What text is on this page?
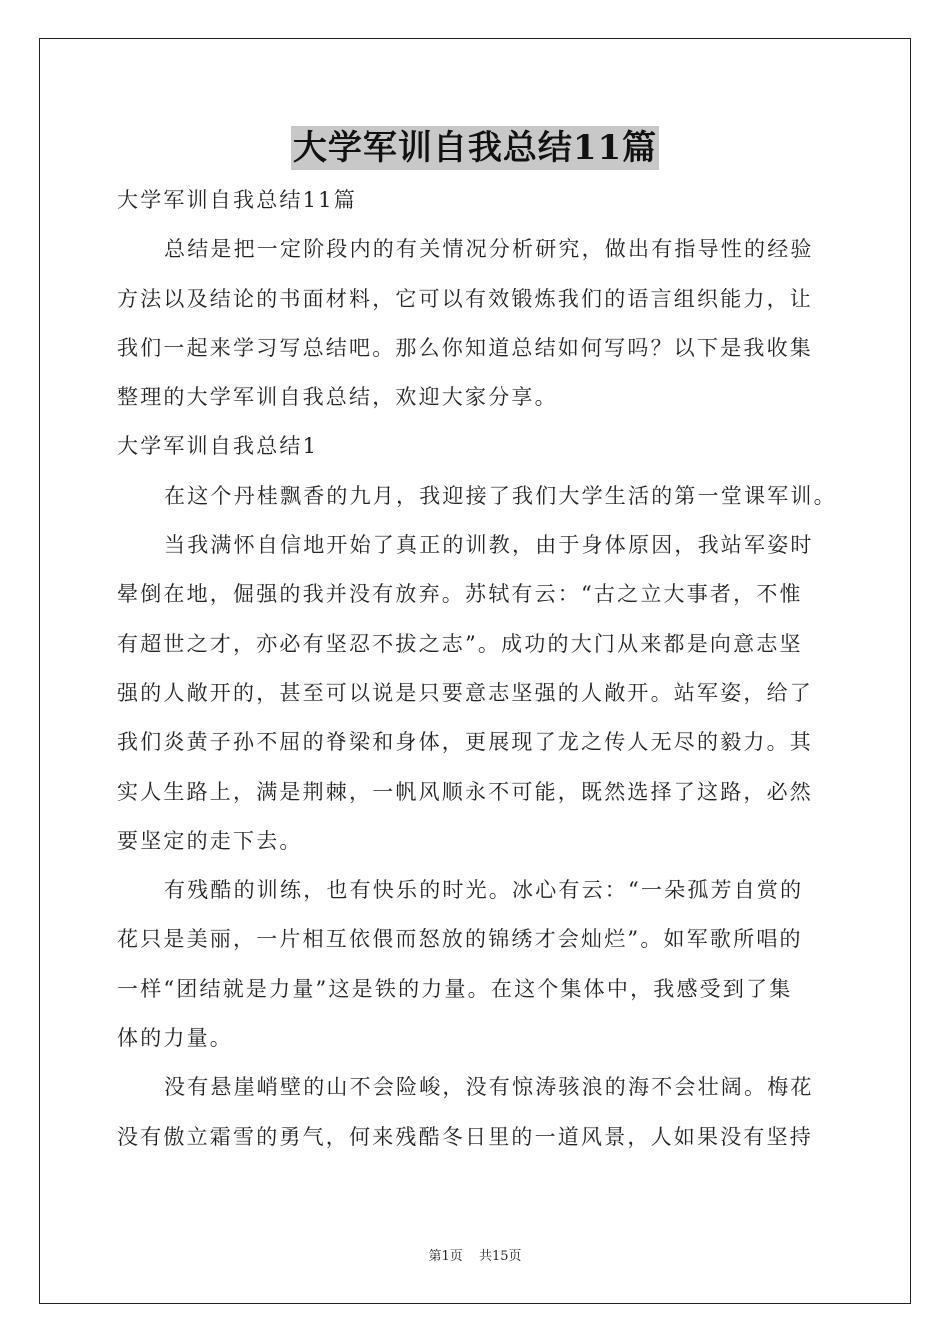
大学军训自我总结11篇
大学军训自我总结11篇
总结是把一定阶段内的有关情况分析研究，做出有指导性的经验
方法以及结论的书面材料，它可以有效锻炼我们的语言组织能力，让
我们一起来学习写总结吧。那么你知道总结如何写吗？以下是我收集
整理的大学军训自我总结，欢迎大家分享。
大学军训自我总结1
在这个丹桂飘香的九月，我迎接了我们大学生活的第一堂课军训。
当我满怀自信地开始了真正的训教，由于身体原因，我站军姿时
晕倒在地，倔强的我并没有放弃。苏轼有云：“古之立大事者，不惟
有超世之才，亦必有坚忍不拔之志”。成功的大门从来都是向意志坚
强的人敞开的，甚至可以说是只要意志坚强的人敞开。站军姿，给了
我们炎黄子孙不屈的脊梁和身体，更展现了龙之传人无尽的毅力。其
实人生路上，满是荆棘，一帆风顺永不可能，既然选择了这路，必然
要坚定的走下去。
有残酷的训练，也有快乐的时光。冰心有云：“一朵孤芳自赏的
花只是美丽，一片相互依偎而怒放的锦绣才会灿烂”。如军歌所唱的
一样“团结就是力量”这是铁的力量。在这个集体中，我感受到了集
体的力量。
没有悬崖峭壁的山不会险峻，没有惊涛骇浪的海不会壮阔。梅花
没有傲立霜雪的勇气，何来残酷冬日里的一道风景，人如果没有坚持
第1页 共15页
